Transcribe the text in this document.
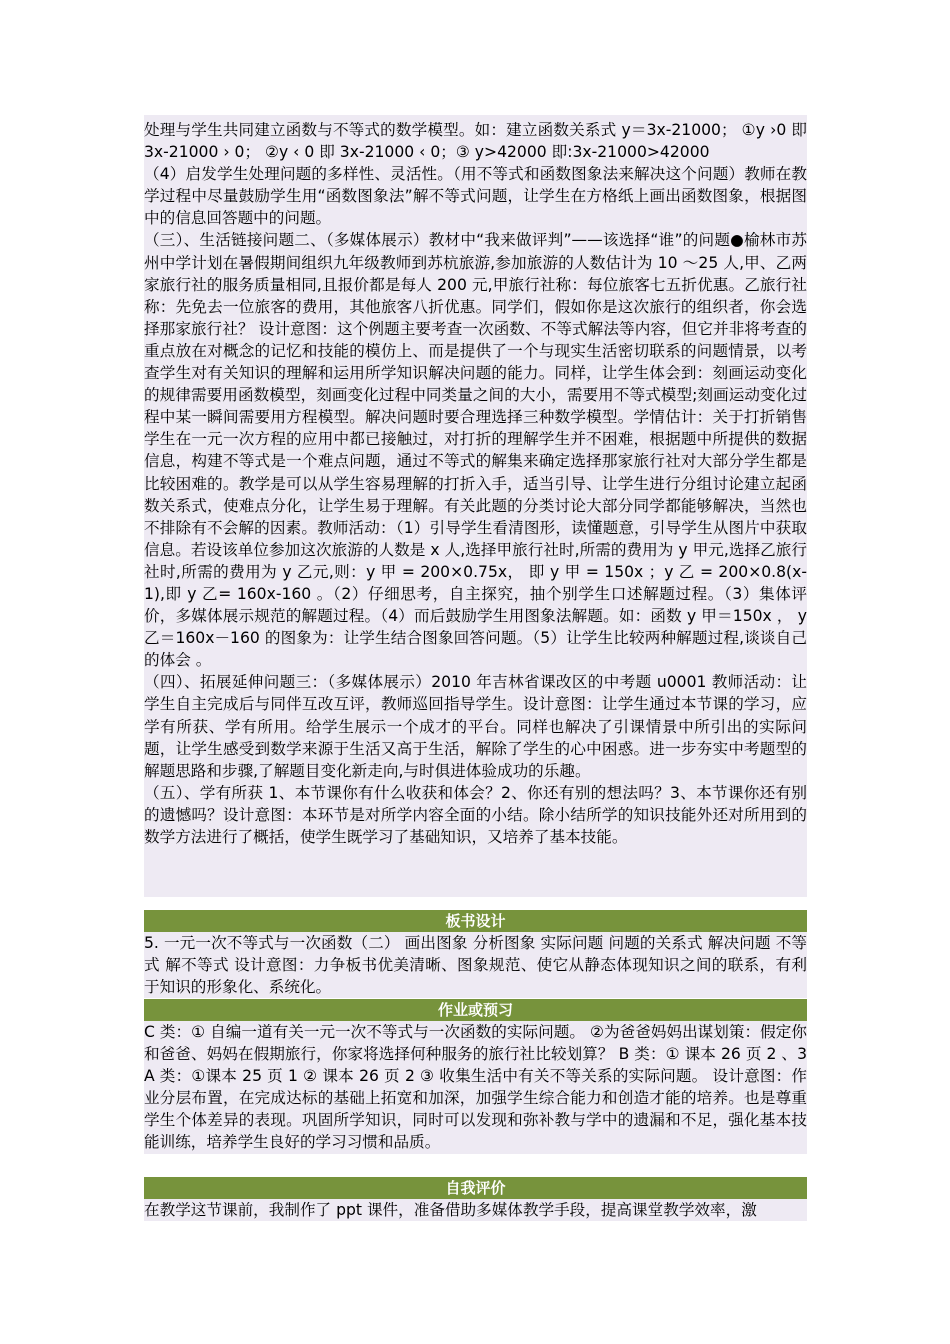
处理与学生共同建立函数与不等式的数学模型。如：建立函数关系式 y＝3x-21000； ①y ›0 即 3x-21000 › 0； ②y ‹ 0 即 3x-21000 ‹ 0；③ y>42000 即:3x-21000>42000

（4）启发学生处理问题的多样性、灵活性。（用不等式和函数图象法来解决这个问题）教师在教学过程中尽量鼓励学生用“函数图象法”解不等式问题，让学生在方格纸上画出函数图象，根据图中的信息回答题中的问题。

（三）、生活链接问题二、（多媒体展示）教材中“我来做评判”——该选择“谁”的问题●榆林市苏州中学计划在暑假期间组织九年级教师到苏杭旅游,参加旅游的人数估计为 10 ～25 人,甲、乙两家旅行社的服务质量相同,且报价都是每人 200 元,甲旅行社称：每位旅客七五折优惠。乙旅行社称：先免去一位旅客的费用，其他旅客八折优惠。同学们，假如你是这次旅行的组织者，你会选择那家旅行社？ 设计意图：这个例题主要考查一次函数、不等式解法等内容，但它并非将考查的重点放在对概念的记忆和技能的模仿上、而是提供了一个与现实生活密切联系的问题情景，以考查学生对有关知识的理解和运用所学知识解决问题的能力。同样，让学生体会到：刻画运动变化的规律需要用函数模型，刻画变化过程中同类量之间的大小，需要用不等式模型;刻画运动变化过程中某一瞬间需要用方程模型。解决问题时要合理选择三种数学模型。学情估计：关于打折销售学生在一元一次方程的应用中都已接触过，对打折的理解学生并不困难，根据题中所提供的数据信息，构建不等式是一个难点问题，通过不等式的解集来确定选择那家旅行社对大部分学生都是比较困难的。教学是可以从学生容易理解的打折入手，适当引导、让学生进行分组讨论建立起函数关系式，使难点分化，让学生易于理解。有关此题的分类讨论大部分同学都能够解决，当然也不排除有不会解的因素。教师活动：（1）引导学生看清图形，读懂题意，引导学生从图片中获取信息。若设该单位参加这次旅游的人数是 x 人,选择甲旅行社时,所需的费用为 y 甲元,选择乙旅行社时,所需的费用为 y 乙元,则：y 甲 = 200×0.75x， 即 y 甲 = 150x ；y 乙 = 200×0.8(x-1),即 y 乙= 160x-160 。（2）仔细思考，自主探究，抽个别学生口述解题过程。（3）集体评价，多媒体展示规范的解题过程。（4）而后鼓励学生用图象法解题。如：函数 y 甲＝150x ， y 乙＝160x－160 的图象为：让学生结合图象回答问题。（5）让学生比较两种解题过程,谈谈自己的体会 。

（四）、拓展延伸问题三：（多媒体展示）2010 年吉林省课改区的中考题 u0001 教师活动：让学生自主完成后与同伴互改互评，教师巡回指导学生。设计意图：让学生通过本节课的学习，应学有所获、学有所用。给学生展示一个成才的平台。同样也解决了引课情景中所引出的实际问题，让学生感受到数学来源于生活又高于生活，解除了学生的心中困惑。进一步夯实中考题型的解题思路和步骤,了解题目变化新走向,与时俱进体验成功的乐趣。

（五）、学有所获 1、本节课你有什么收获和体会？2、你还有别的想法吗？3、本节课你还有别的遗憾吗？设计意图：本环节是对所学内容全面的小结。除小结所学的知识技能外还对所用到的数学方法进行了概括，使学生既学习了基础知识，又培养了基本技能。

板书设计

5. 一元一次不等式与一次函数（二） 画出图象 分析图象 实际问题 问题的关系式 解决问题 不等式 解不等式 设计意图：力争板书优美清晰、图象规范、使它从静态体现知识之间的联系，有利于知识的形象化、系统化。

作业或预习

C 类：① 自编一道有关一元一次不等式与一次函数的实际问题。 ②为爸爸妈妈出谋划策：假定你和爸爸、妈妈在假期旅行，你家将选择何种服务的旅行社比较划算？ B 类：① 课本 26 页 2 、3 A 类：①课本 25 页 1 ② 课本 26 页 2 ③ 收集生活中有关不等关系的实际问题。 设计意图：作业分层布置，在完成达标的基础上拓宽和加深，加强学生综合能力和创造才能的培养。也是尊重学生个体差异的表现。巩固所学知识，同时可以发现和弥补教与学中的遗漏和不足，强化基本技能训练，培养学生良好的学习习惯和品质。

自我评价

在教学这节课前，我制作了 ppt 课件，准备借助多媒体教学手段，提高课堂教学效率，激
